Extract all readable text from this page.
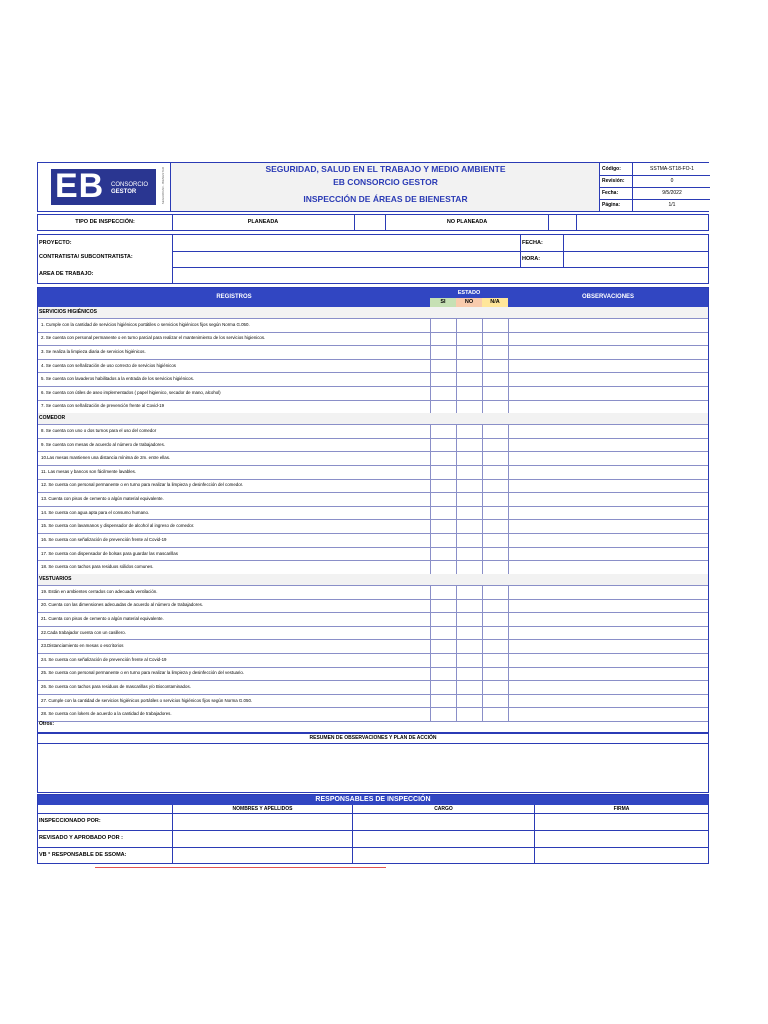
EB CONSORCIO
GESTOR	SEGURIDAD - BIENESTAR	SEGURIDAD, SALUD EN EL TRABAJO Y MEDIO AMBIENTE
EB CONSORCIO GESTOR
INSPECCIÓN DE ÁREAS DE BIENESTAR
Código:	SSTMA-ST18-FO-1
Revisión:	0
Fecha:	9/5/2022
Página:	1/1
TIPO DE INSPECCIÓN:	PLANEADA	NO PLANEADA
PROYECTO:
CONTRATISTA/ SUBCONTRATISTA:
AREA DE TRABAJO:
FECHA:
HORA:
REGISTROS
ESTADO
SI	NO	N/A
OBSERVACIONES
SERVICIOS HIGIÉNICOS
1. Cumple con la cantidad de servicios higiénicos portátiles o servicios higiénicos fijos según Norma G.050.
2. Se cuenta con personal permanente o en turno parcial para realizar el mantenimiento de los servicios higienicos.
3. Se realiza la limpieza diaria de servicios higiénicos.
4. Se cuenta con señalización de uso correcto de servicios higiénicos
5. Se cuenta con lavaderos habilitados a la entrada de los servicios higiénicos.
6. Se cuenta con útiles de aseo implementados ( papel higienico, secador de mano, alcohol)
7. Se cuenta con señalización de prevención frente al Covid-19
COMEDOR
8. Se cuenta con uno o dos turnos para el uso del comedor
9. Se cuenta con mesas de acuerdo al número de trabajadores.
10.Las mesas mantienen una distancia mínima de 2m. entre ellas.
11. Las mesas y bancos son fácilmente lavables.
12. Se cuenta con personal permanente o en turno para realizar la limpieza y desinfección del comedor.
13. Cuenta con pisos de cemento o algún material equivalente.
14. Se cuenta con agua apta para el consumo humano.
15. Se cuenta con lavamanos y dispensador de alcohol al ingreso de comedor.
16. Se cuenta con señalización de prevención frente al Covid-19
17. Se cuenta con dispensador de bolsas para guardar las mascarillas
18. Se cuenta con tachos para residuos sólidos comunes.
VESTUARIOS
19. Están en ambientes cerrados con adecuada ventilación.
20. Cuenta con las dimensiones adecuadas de acuerdo al número de trabajadores.
21. Cuenta con pisos de cemento o algún material equivalente.
22.Cada trabajador cuenta con un casillero.
23.Distanciamiento en mesas o escritorios
24. Se cuenta con señalización de prevención frente al Covid-19
25. Se cuenta con personal permanente o en turno para realizar la limpieza y desinfección del vestuario.
26. Se cuenta con tachos para residuos de mascarillas y/o Biocontaminados.
27. Cumple con la cantidad de servicios higiénicos portátiles o servicios higiénicos fijos según Norma G.050.
28. Se cuenta con lokers de acuerdo a la cantidad de trabajadores.
Otros:
RESUMEN DE OBSERVACIONES Y PLAN DE ACCIÓN
RESPONSABLES DE INSPECCIÓN
NOMBRES Y APELLIDOS	CARGO	FIRMA
INSPECCIONADO POR:
REVISADO Y APROBADO POR :
VB ° RESPONSABLE DE SSOMA:
